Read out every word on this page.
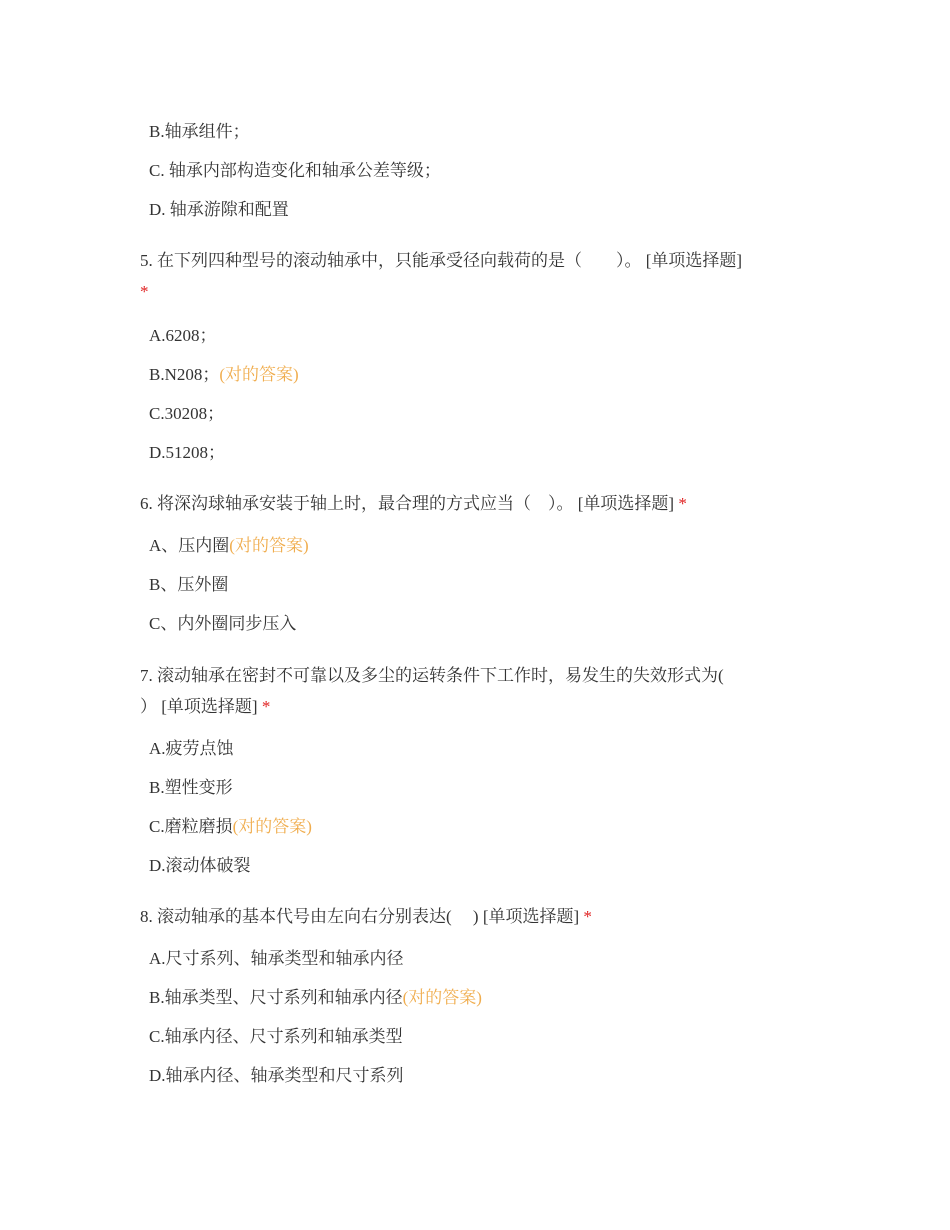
B.轴承组件；
C. 轴承内部构造变化和轴承公差等级；
D. 轴承游隙和配置
5. 在下列四种型号的滚动轴承中，只能承受径向载荷的是（　　）。 [单项选择题]
*
A.6208；
B.N208；(对的答案)
C.30208；
D.51208；
6. 将深沟球轴承安装于轴上时，最合理的方式应当（　）。 [单项选择题] *
A、压内圈(对的答案)
B、压外圈
C、内外圈同步压入
7. 滚动轴承在密封不可靠以及多尘的运转条件下工作时，易发生的失效形式为(
） [单项选择题] *
A.疲劳点蚀
B.塑性变形
C.磨粒磨损(对的答案)
D.滚动体破裂
8. 滚动轴承的基本代号由左向右分别表达(　 ) [单项选择题] *
A.尺寸系列、轴承类型和轴承内径
B.轴承类型、尺寸系列和轴承内径(对的答案)
C.轴承内径、尺寸系列和轴承类型
D.轴承内径、轴承类型和尺寸系列
